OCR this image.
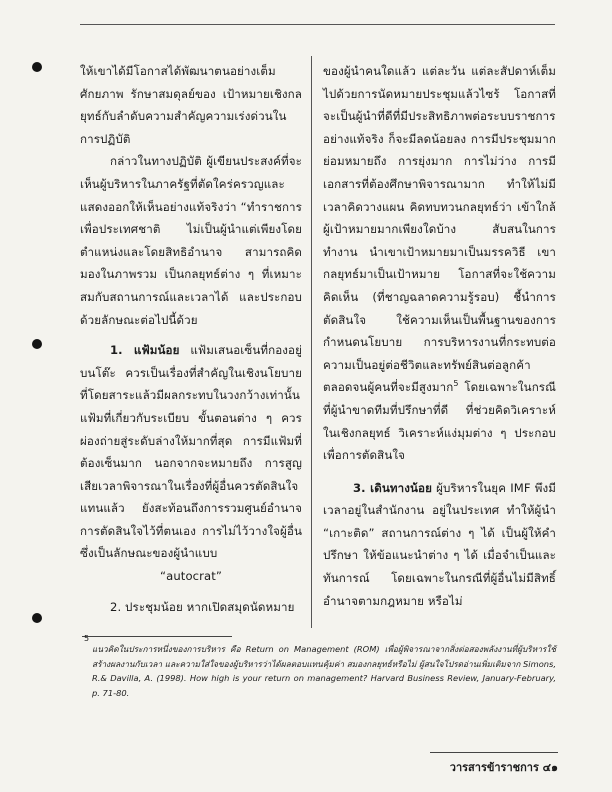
ให้เขาได้มีโอกาสได้พัฒนาตนอย่างเต็มศักยภาพ รักษาสมดุลย์ของ เป้าหมายเชิงกลยุทธ์กับลำดับความสำคัญความเร่งด่วนในการปฏิบัติ

กล่าวในทางปฏิบัติ ผู้เขียนประสงค์ที่จะเห็นผู้บริหารในภาครัฐที่ตัดใคร่ครวญและแสดงออกให้เห็นอย่างแท้จริงว่า “ทำราชการเพื่อประเทศชาติ ไม่เป็นผู้นำแต่เพียงโดยตำแหน่งและโดยสิทธิอำนาจ สามารถคิดมองในภาพรวม เป็นกลยุทธ์ต่าง ๆ ที่เหมาะสมกับสถานการณ์และเวลาได้ และประกอบด้วยลักษณะต่อไปนี้ด้วย

1. แฟ้มน้อย แฟ้มเสนอเซ็นที่กองอยู่บนโต๊ะ ควรเป็นเรื่องที่สำคัญในเชิงนโยบายที่โดยสาระแล้วมีผลกระทบในวงกว้างเท่านั้น แฟ้มที่เกี่ยวกับระเบียบ ขั้นตอนต่าง ๆ ควรผ่องถ่ายสู่ระดับล่างให้มากที่สุด การมีแฟ้มที่ต้องเซ็นมาก นอกจากจะหมายถึง การสูญเสียเวลาพิจารณาในเรื่องที่ผู้อื่นควรตัดสินใจแทนแล้ว ยังสะท้อนถึงการรวมศูนย์อำนาจการตัดสินใจไว้ที่ตนเอง การไม่ไว้วางใจผู้อื่น ซึ่งเป็นลักษณะของผู้นำแบบ

“autocrat”

2. ประชุมน้อย หากเปิดสมุดนัดหมาย

ของผู้นำคนใดแล้ว แต่ละวัน แต่ละสัปดาห์เต็มไปด้วยการนัดหมายประชุมแล้วไซร้ โอกาสที่จะเป็นผู้นำที่ดีที่มีประสิทธิภาพต่อระบบราชการอย่างแท้จริง ก็จะมีลดน้อยลง การมีประชุมมากย่อมหมายถึง การยุ่งมาก การไม่ว่าง การมีเอกสารที่ต้องศึกษาพิจารณามาก ทำให้ไม่มีเวลาคิดวางแผน คิดทบทวนกลยุทธ์ว่า เข้าใกล้ผู้เป้าหมายมากเพียงใดบ้าง สับสนในการทำงาน นำเขาเป้าหมายมาเป็นมรรควิธี เขากลยุทธ์มาเป็นเป้าหมาย โอกาสที่จะใช้ความคิดเห็น (ที่ชาญฉลาดความรู้รอบ) ชี้นำการตัดสินใจ ใช้ความเห็นเป็นพื้นฐานของการกำหนดนโยบาย การบริหารงานที่กระทบต่อความเป็นอยู่ต่อชีวิตและทรัพย์สินต่อลูกค้าตลอดจนผู้คนที่จะมีสูงมาก$^5$ โดยเฉพาะในกรณีที่ผู้นำขาดทีมที่ปรึกษาที่ดี ที่ช่วยคิดวิเคราะห์ในเชิงกลยุทธ์ วิเคราะห์แง่มุมต่าง ๆ ประกอบเพื่อการตัดสินใจ

3. เดินทางน้อย ผู้บริหารในยุค IMF พึงมีเวลาอยู่ในสำนักงาน อยู่ในประเทศ ทำให้ผู้นำ “เกาะติด” สถานการณ์ต่าง ๆ ได้ เป็นผู้ให้คำปรึกษา ให้ข้อแนะนำต่าง ๆ ได้ เมื่อจำเป็นและทันการณ์ โดยเฉพาะในกรณีที่ผู้อื่นไม่มีสิทธิ์อำนาจตามกฎหมาย หรือไม่

5
แนวคิดในประการหนึ่งของการบริหาร คือ Return on Management (ROM) เพื่อผู้พิจารณาจากสิ่งต่อสองพลังงานที่ผู้บริหารใช้สร้างผลงานกับเวลา และความใส่ใจของผู้บริหารว่าได้ผลตอบแทนคุ้มค่า สมองกลยุทธ์หรือไม่ ผู้สนใจโปรดอ่านเพิ่มเติมจาก Simons, R.& Davilla, A. (1998). How high is your return on management? Harvard Business Review, January-February, p. 71-80.
วารสารข้าราชการ ๔๑
